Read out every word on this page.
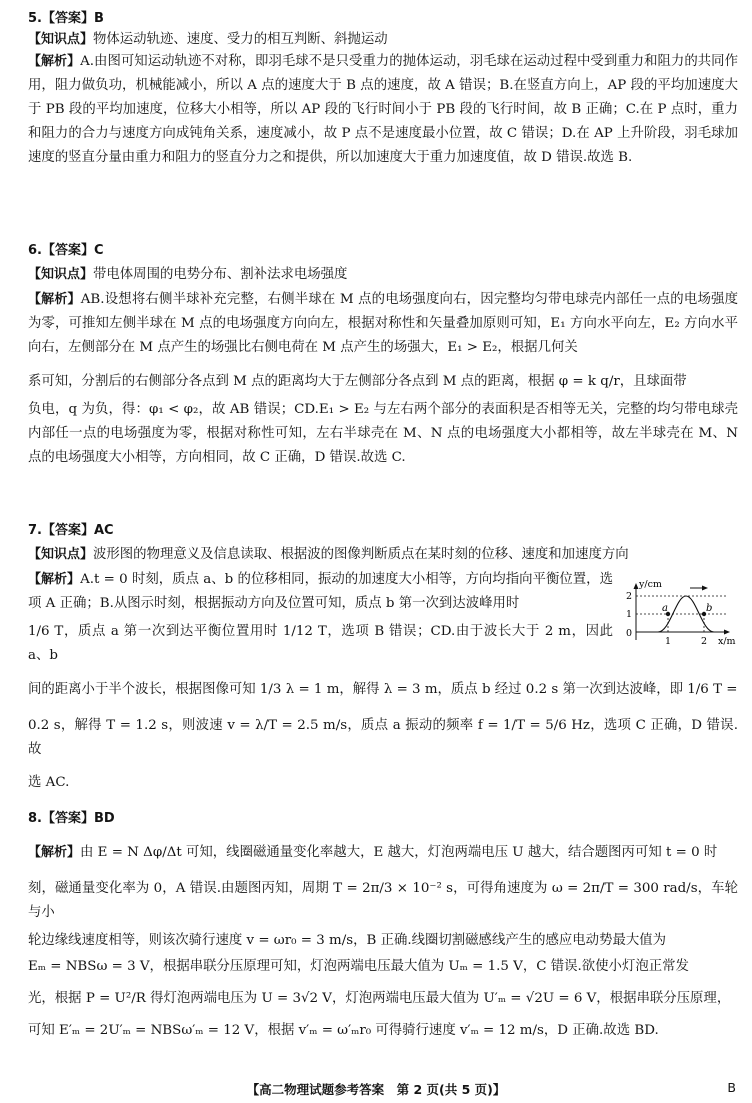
5.【答案】B
【知识点】物体运动轨迹、速度、受力的相互判断、斜抛运动
【解析】A.由图可知运动轨迹不对称，即羽毛球不是只受重力的抛体运动，羽毛球在运动过程中受到重力和阻力的共同作用，阻力做负功，机械能减小，所以 A 点的速度大于 B 点的速度，故 A 错误；B.在竖直方向上，AP 段的平均加速度大于 PB 段的平均加速度，位移大小相等，所以 AP 段的飞行时间小于 PB 段的飞行时间，故 B 正确；C.在 P 点时，重力和阻力的合力与速度方向成钝角关系，速度减小，故 P 点不是速度最小位置，故 C 错误；D.在 AP 上升阶段，羽毛球加速度的竖直分量由重力和阻力的竖直分力之和提供，所以加速度大于重力加速度值，故 D 错误.故选 B.
6.【答案】C
【知识点】带电体周围的电势分布、割补法求电场强度
【解析】AB.设想将右侧半球补充完整，右侧半球在 M 点的电场强度向右，因完整均匀带电球壳内部任一点的电场强度为零，可推知左侧半球在 M 点的电场强度方向向左，根据对称性和矢量叠加原则可知，E₁ 方向水平向左，E₂ 方向水平向右，左侧部分在 M 点产生的场强比右侧电荷在 M 点产生的场强大，E₁ > E₂，根据几何关
系可知，分割后的右侧部分各点到 M 点的距离均大于左侧部分各点到 M 点的距离，根据 φ = k q/r，且球面带
负电，q 为负，得：φ₁ < φ₂，故 AB 错误；CD.E₁ > E₂ 与左右两个部分的表面积是否相等无关，完整的均匀带电球壳内部任一点的电场强度为零，根据对称性可知，左右半球壳在 M、N 点的电场强度大小都相等，故左半球壳在 M、N 点的电场强度大小相等，方向相同，故 C 正确，D 错误.故选 C.
7.【答案】AC
【知识点】波形图的物理意义及信息读取、根据波的图像判断质点在某时刻的位移、速度和加速度方向
【解析】A.t = 0 时刻，质点 a、b 的位移相同，振动的加速度大小相等，方向均指向平衡位置，选项 A 正确；B.从图示时刻，根据振动方向及位置可知，质点 b 第一次到达波峰用时
1/6 T，质点 a 第一次到达平衡位置用时 1/12 T，选项 B 错误；CD.由于波长大于 2 m，因此 a、b
间的距离小于半个波长，根据图像可知 1/3 λ = 1 m，解得 λ = 3 m，质点 b 经过 0.2 s 第一次到达波峰，即 1/6 T =
0.2 s，解得 T = 1.2 s，则波速 v = λ/T = 2.5 m/s，质点 a 振动的频率 f = 1/T = 5/6 Hz，选项 C 正确，D 错误.故
选 AC.
a	b
y/cm
2
1
0
1	2 x/m
8.【答案】BD
【解析】由 E = N Δφ/Δt 可知，线圈磁通量变化率越大，E 越大，灯泡两端电压 U 越大，结合题图丙可知 t = 0 时
刻，磁通量变化率为 0，A 错误.由题图丙知，周期 T = 2π/3 × 10⁻² s，可得角速度为 ω = 2π/T = 300 rad/s，车轮与小
轮边缘线速度相等，则该次骑行速度 v = ωr₀ = 3 m/s，B 正确.线圈切割磁感线产生的感应电动势最大值为
Eₘ = NBSω = 3 V，根据串联分压原理可知，灯泡两端电压最大值为 Uₘ = 1.5 V，C 错误.欲使小灯泡正常发
光，根据 P = U²/R 得灯泡两端电压为 U = 3√2 V，灯泡两端电压最大值为 U′ₘ = √2U = 6 V，根据串联分压原理，
可知 E′ₘ = 2U′ₘ = NBSω′ₘ = 12 V，根据 v′ₘ = ω′ₘr₀ 可得骑行速度 v′ₘ = 12 m/s，D 正确.故选 BD.
【高二物理试题参考答案　第 2 页(共 5 页)】	B
